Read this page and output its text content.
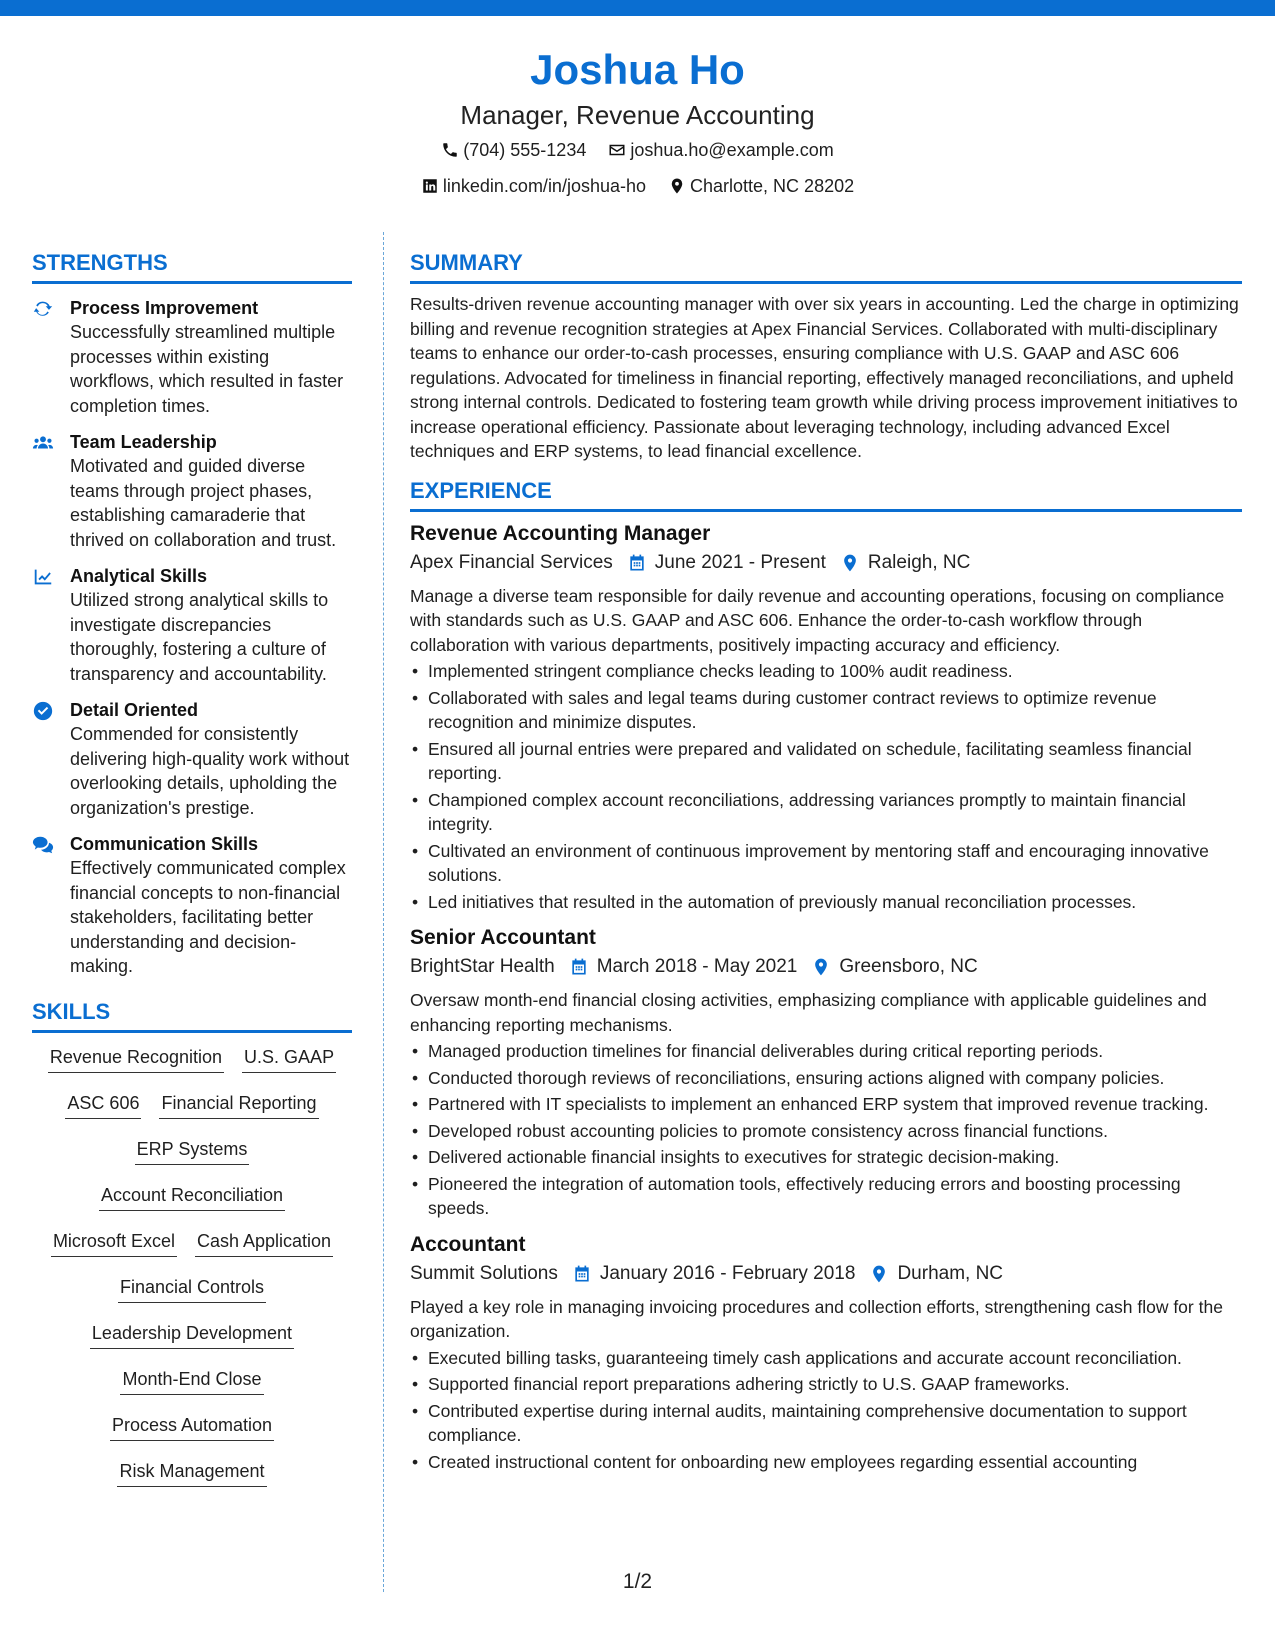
Joshua Ho
Manager, Revenue Accounting
(704) 555-1234 joshua.ho@example.com
linkedin.com/in/joshua-ho Charlotte, NC 28202
STRENGTHS
Process Improvement
Successfully streamlined multiple processes within existing workflows, which resulted in faster completion times.
Team Leadership
Motivated and guided diverse teams through project phases, establishing camaraderie that thrived on collaboration and trust.
Analytical Skills
Utilized strong analytical skills to investigate discrepancies thoroughly, fostering a culture of transparency and accountability.
Detail Oriented
Commended for consistently delivering high-quality work without overlooking details, upholding the organization's prestige.
Communication Skills
Effectively communicated complex financial concepts to non-financial stakeholders, facilitating better understanding and decision-making.
SKILLS
Revenue Recognition U.S. GAAP
ASC 606 Financial Reporting
ERP Systems
Account Reconciliation
Microsoft Excel Cash Application
Financial Controls
Leadership Development
Month-End Close
Process Automation
Risk Management
SUMMARY
Results-driven revenue accounting manager with over six years in accounting. Led the charge in optimizing billing and revenue recognition strategies at Apex Financial Services. Collaborated with multi-disciplinary teams to enhance our order-to-cash processes, ensuring compliance with U.S. GAAP and ASC 606 regulations. Advocated for timeliness in financial reporting, effectively managed reconciliations, and upheld strong internal controls. Dedicated to fostering team growth while driving process improvement initiatives to increase operational efficiency. Passionate about leveraging technology, including advanced Excel techniques and ERP systems, to lead financial excellence.
EXPERIENCE
Revenue Accounting Manager
Apex Financial Services June 2021 - Present Raleigh, NC
Manage a diverse team responsible for daily revenue and accounting operations, focusing on compliance with standards such as U.S. GAAP and ASC 606. Enhance the order-to-cash workflow through collaboration with various departments, positively impacting accuracy and efficiency.
• Implemented stringent compliance checks leading to 100% audit readiness.
• Collaborated with sales and legal teams during customer contract reviews to optimize revenue recognition and minimize disputes.
• Ensured all journal entries were prepared and validated on schedule, facilitating seamless financial reporting.
• Championed complex account reconciliations, addressing variances promptly to maintain financial integrity.
• Cultivated an environment of continuous improvement by mentoring staff and encouraging innovative solutions.
• Led initiatives that resulted in the automation of previously manual reconciliation processes.
Senior Accountant
BrightStar Health March 2018 - May 2021 Greensboro, NC
Oversaw month-end financial closing activities, emphasizing compliance with applicable guidelines and enhancing reporting mechanisms.
• Managed production timelines for financial deliverables during critical reporting periods.
• Conducted thorough reviews of reconciliations, ensuring actions aligned with company policies.
• Partnered with IT specialists to implement an enhanced ERP system that improved revenue tracking.
• Developed robust accounting policies to promote consistency across financial functions.
• Delivered actionable financial insights to executives for strategic decision-making.
• Pioneered the integration of automation tools, effectively reducing errors and boosting processing speeds.
Accountant
Summit Solutions January 2016 - February 2018 Durham, NC
Played a key role in managing invoicing procedures and collection efforts, strengthening cash flow for the organization.
• Executed billing tasks, guaranteeing timely cash applications and accurate account reconciliation.
• Supported financial report preparations adhering strictly to U.S. GAAP frameworks.
• Contributed expertise during internal audits, maintaining comprehensive documentation to support compliance.
• Created instructional content for onboarding new employees regarding essential accounting
1/2
